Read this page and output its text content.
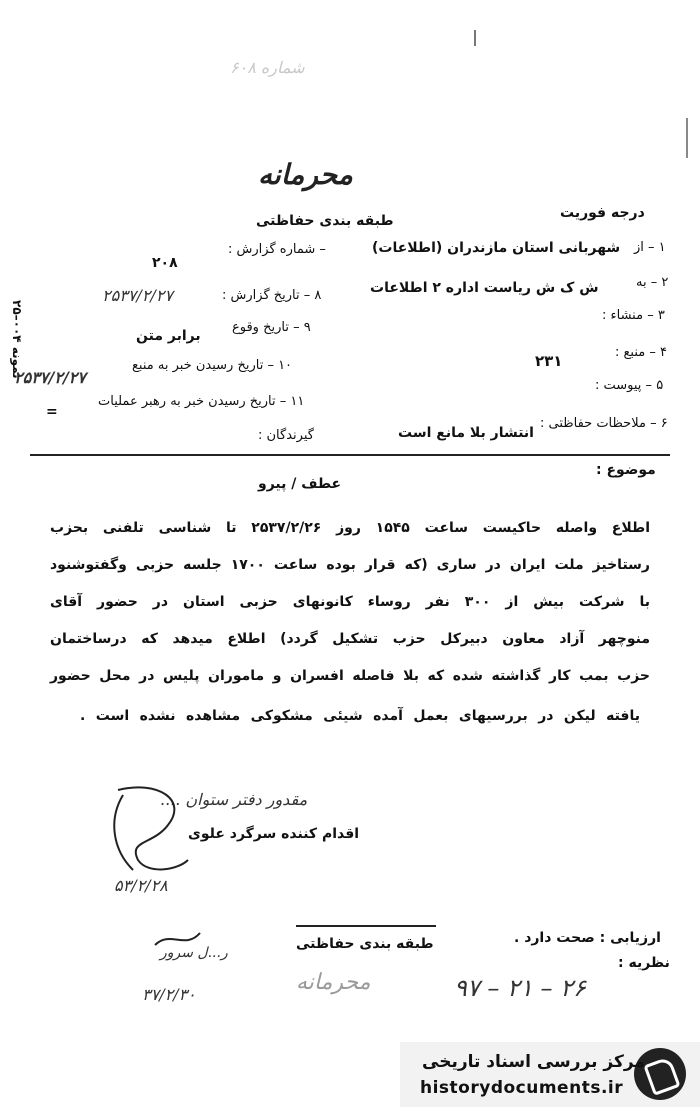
شماره ۶۰۸
محرمانه
طبقه بندی حفاظتی	درجه فوریت
۱ – از
شهربانی استان مازندران (اطلاعات)
– شماره گزارش :
۲۰۸
۲ – به
ش ک ش ریاست اداره ۲ اطلاعات
۸ – تاریخ گزارش :
۲۵۳۷/۲/۲۷
۳ – منشاء :
۹ – تاریخ وقوع
برابر متن
۴ – منبع :
۲۳۱
۱۰ – تاریخ رسیدن خبر به منبع
۲۵۳۷/۲/۲۷	۵ – پیوست :
۱۱ – تاریخ رسیدن خبر به رهبر عملیات
=
۶ – ملاحظات حفاظتی :
انتشار بلا مانع است
گیرندگان :
نمونه ۰۰۴–۲۵
موضوع :
عطف / پیرو
اطلاع واصله حاکیست ساعت ۱۵۴۵ روز ۲۵۳۷/۲/۲۶ تا شناسی تلفنی بحزب
رستاخیز ملت ایران در ساری (که قرار بوده ساعت ۱۷۰۰ جلسه حزبی وگفتوشنود
با شرکت بیش از ۳۰۰ نفر روساء کانونهای حزبی استان در حضور آقای
منوچهر آزاد معاون دبیرکل حزب تشکیل گردد) اطلاع میدهد که درساختمان
حزب بمب کار گذاشته شده که بلا فاصله افسران و ماموران پلیس در محل حضور
یافته لیکن در بررسیهای بعمل آمده شیئی مشکوکی مشاهده نشده است .
مقدور دفتر ستوان ....
اقدام کننده سرگرد علوی
۵۳/۲/۲۸
طبقه بندی حفاظتی
محرمانه
ارزیابی : صحت دارد .
نظریه :
۹۷ – ۲۱ – ۲۶
ر...ل سرور
۳۷/۲/۳۰
مرکز بررسی اسناد تاریخی
historydocuments.ir
